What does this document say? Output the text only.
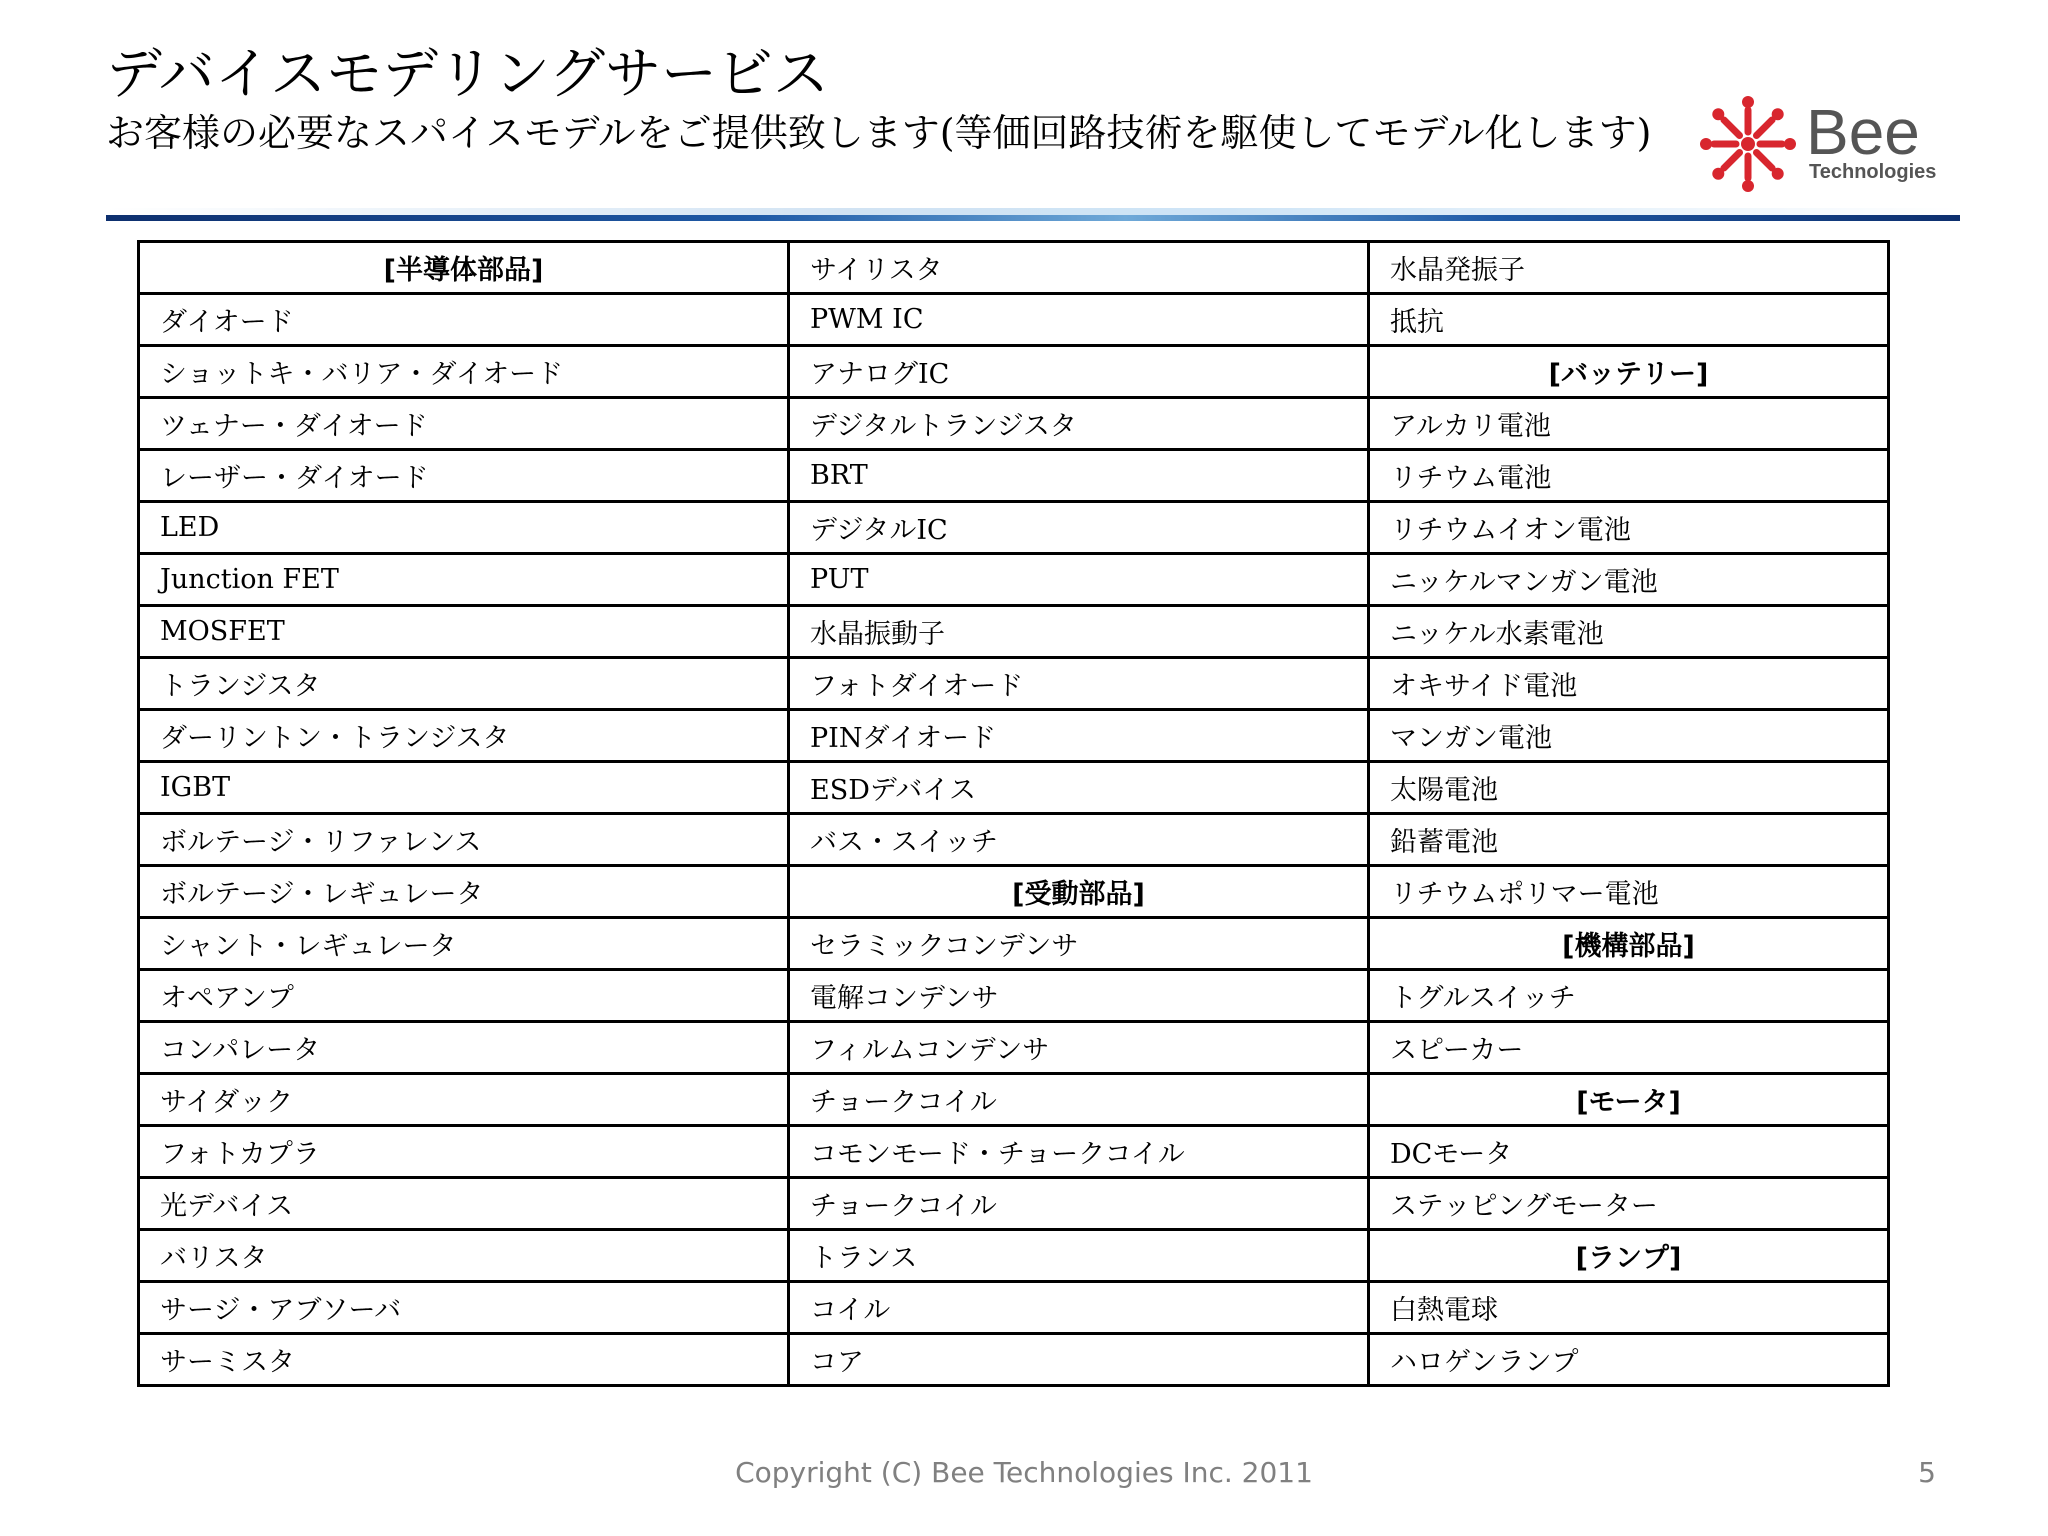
デバイスモデリングサービス
お客様の必要なスパイスモデルをご提供致します(等価回路技術を駆使してモデル化します) Bee
Technologies
[半導体部品]	サイリスタ	水晶発振子
ダイオード	PWM IC	抵抗
ショットキ・バリア・ダイオード	アナログIC	[バッテリー]
ツェナー・ダイオード	デジタルトランジスタ	アルカリ電池
レーザー・ダイオード	BRT	リチウム電池
LED	デジタルIC	リチウムイオン電池
Junction FET	PUT	ニッケルマンガン電池
MOSFET	水晶振動子	ニッケル水素電池
トランジスタ	フォトダイオード	オキサイド電池
ダーリントン・トランジスタ	PINダイオード	マンガン電池
IGBT	ESDデバイス	太陽電池
ボルテージ・リファレンス	バス・スイッチ	鉛蓄電池
ボルテージ・レギュレータ	[受動部品]	リチウムポリマー電池
シャント・レギュレータ	セラミックコンデンサ	[機構部品]
オペアンプ	電解コンデンサ	トグルスイッチ
コンパレータ	フィルムコンデンサ	スピーカー
サイダック	チョークコイル	[モータ]
フォトカプラ	コモンモード・チョークコイル	DCモータ
光デバイス	チョークコイル	ステッピングモーター
バリスタ	トランス	[ランプ]
サージ・アブソーバ	コイル	白熱電球
サーミスタ	コア	ハロゲンランプ
Copyright (C) Bee Technologies Inc. 2011	5
